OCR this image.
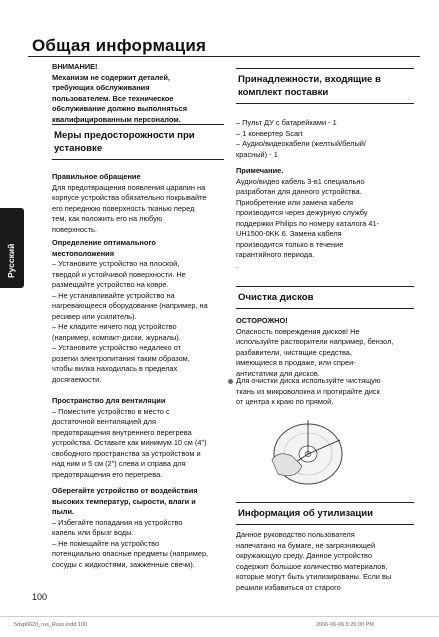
Общая информация
Русский

ВНИМАНИЕ!

Механизм не содержит деталей,

требующих обслуживания

пользователем. Все техническое

обслуживание должно выполняться

квалифицированным персоналом.

Меры предосторожности при
установке

Правильное обращение

Для предотвращения появления царапин на

корпусе устройства обязательно покрывайте

его переднюю поверхность тканью перед

тем, как положить его на любую

поверхность.

Определение оптимального

местоположения

– Установите устройство на плоской,

твердой и устойчивой поверхности. Не

размещайте устройство на ковре.

– Не устанавливайте устройство на

нагревающееся оборудование (например, на

ресивер или усилитель).

– Не кладите ничего под устройство

(например, компакт-диски, журналы).

– Установите устройство недалеко от

розетки электропитания таким образом,

чтобы вилка находилась в пределах

досягаемости.

Пространство для вентиляции

– Поместите устройство в место с

достаточной вентиляцией для

предотвращения внутреннего перегрева

устройства. Оставьте как минимум 10 см (4")

свободного пространства за устройством и

над ним и 5 см (2") слева и справа для

предотвращения его перегрева.

Оберегайте устройство от воздействия

высоких температур, сырости, влаги и

пыли.

– Избегайте попадания на устройство

капель или брызг воды.

– Не помещайте на устройство

потенциально опасные предметы (например,

сосуды с жидкостями, зажженные свечи).

Принадлежности, входящие в
комплект поставки

– Пульт ДУ с батарейками - 1

– 1 конвертер Scart

– Аудио/видеокабели (желтый/белый/

красный) - 1

Примечание.

Аудио/видео кабель 3-в1 специально

разработан для данного устройства.

Приобретение или замена кабеля

производится через дежурную службу

поддержки Philips по номеру каталога 41-

UH1500-0KK 6. Замена кабеля

производится только в течение

гарантийного периода.

.

Очистка дисков

ОСТОРОЖНО!

Опасность повреждения дисков! Не

используйте растворители например, бензол,

разбавители, чистящие средства,

имеющиеся в продаже, или спреи-

антистатики для дисков.

Для очистки диска используйте чистящую

ткань из микроволокна и протирайте диск

от центра к краю по прямой.

Информация об утилизации

Данное руководство пользователя

напечатано на бумаге, не загрязняющей

окружающую среду. Данное устройство

содержит большое количество материалов,

которые могут быть утилизированы. Если вы

решили избавиться от старого

100
5dvp6620_rus_Russ.indd 100	2006-06-06 5:26:00 PM
